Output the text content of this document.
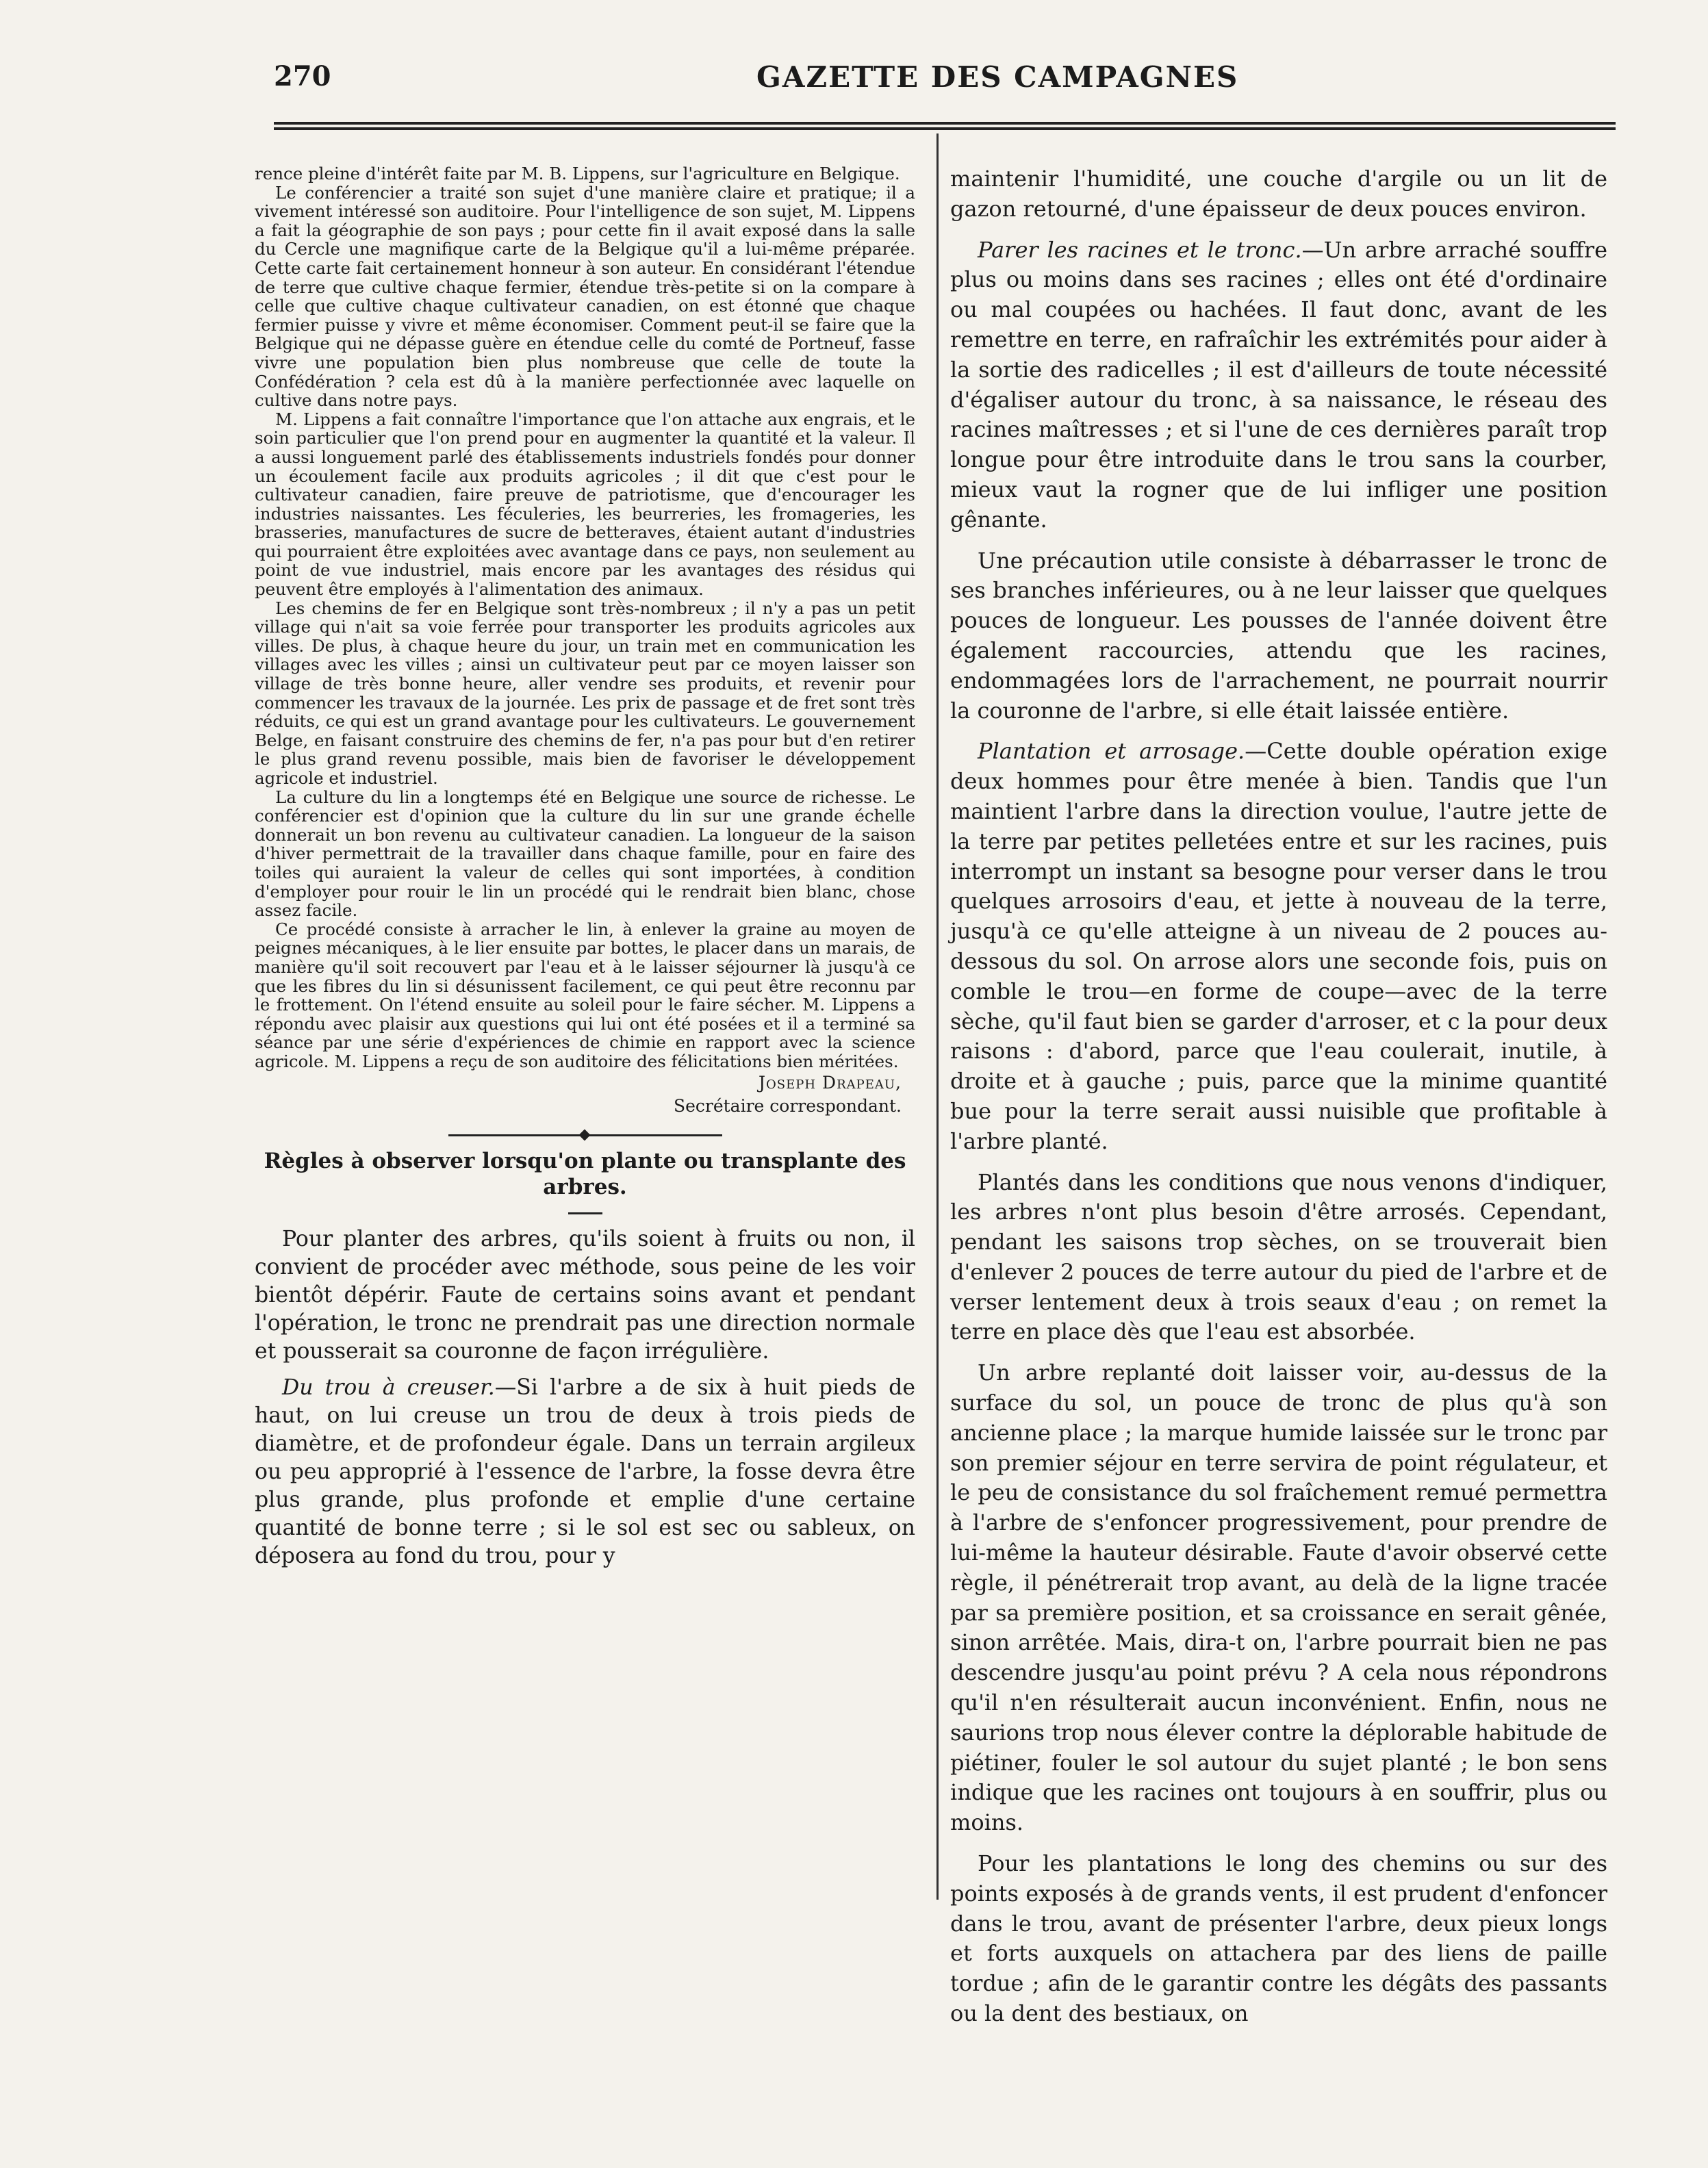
270	GAZETTE DES CAMPAGNES

rence pleine d'intérêt faite par M. B. Lippens, sur l'agriculture en Belgique.

Le conférencier a traité son sujet d'une manière claire et pratique; il a vivement intéressé son auditoire. Pour l'intelligence de son sujet, M. Lippens a fait la géographie de son pays ; pour cette fin il avait exposé dans la salle du Cercle une magnifique carte de la Belgique qu'il a lui-même préparée. Cette carte fait certainement honneur à son auteur. En considérant l'étendue de terre que cultive chaque fermier, étendue très-petite si on la compare à celle que cultive chaque cultivateur canadien, on est étonné que chaque fermier puisse y vivre et même économiser. Comment peut-il se faire que la Belgique qui ne dépasse guère en étendue celle du comté de Portneuf, fasse vivre une population bien plus nombreuse que celle de toute la Confédération ? cela est dû à la manière perfectionnée avec laquelle on cultive dans notre pays.

M. Lippens a fait connaître l'importance que l'on attache aux engrais, et le soin particulier que l'on prend pour en augmenter la quantité et la valeur. Il a aussi longuement parlé des établissements industriels fondés pour donner un écoulement facile aux produits agricoles ; il dit que c'est pour le cultivateur canadien, faire preuve de patriotisme, que d'encourager les industries naissantes. Les féculeries, les beurreries, les fromageries, les brasseries, manufactures de sucre de betteraves, étaient autant d'industries qui pourraient être exploitées avec avantage dans ce pays, non seulement au point de vue industriel, mais encore par les avantages des résidus qui peuvent être employés à l'alimentation des animaux.

Les chemins de fer en Belgique sont très-nombreux ; il n'y a pas un petit village qui n'ait sa voie ferrée pour transporter les produits agricoles aux villes. De plus, à chaque heure du jour, un train met en communication les villages avec les villes ; ainsi un cultivateur peut par ce moyen laisser son village de très bonne heure, aller vendre ses produits, et revenir pour commencer les travaux de la journée. Les prix de passage et de fret sont très réduits, ce qui est un grand avantage pour les cultivateurs. Le gouvernement Belge, en faisant construire des chemins de fer, n'a pas pour but d'en retirer le plus grand revenu possible, mais bien de favoriser le développement agricole et industriel.

La culture du lin a longtemps été en Belgique une source de richesse. Le conférencier est d'opinion que la culture du lin sur une grande échelle donnerait un bon revenu au cultivateur canadien. La longueur de la saison d'hiver permettrait de la travailler dans chaque famille, pour en faire des toiles qui auraient la valeur de celles qui sont importées, à condition d'employer pour rouir le lin un procédé qui le rendrait bien blanc, chose assez facile.

Ce procédé consiste à arracher le lin, à enlever la graine au moyen de peignes mécaniques, à le lier ensuite par bottes, le placer dans un marais, de manière qu'il soit recouvert par l'eau et à le laisser séjourner là jusqu'à ce que les fibres du lin si désunissent facilement, ce qui peut être reconnu par le frottement. On l'étend ensuite au soleil pour le faire sécher. M. Lippens a répondu avec plaisir aux questions qui lui ont été posées et il a terminé sa séance par une série d'expériences de chimie en rapport avec la science agricole. M. Lippens a reçu de son auditoire des félicitations bien méritées.

Joseph Drapeau,
Secrétaire correspondant.
Règles à observer lorsqu'on plante ou transplante des arbres.

Pour planter des arbres, qu'ils soient à fruits ou non, il convient de procéder avec méthode, sous peine de les voir bientôt dépérir. Faute de certains soins avant et pendant l'opération, le tronc ne prendrait pas une direction normale et pousserait sa couronne de façon irrégulière.

Du trou à creuser.—Si l'arbre a de six à huit pieds de haut, on lui creuse un trou de deux à trois pieds de diamètre, et de profondeur égale. Dans un terrain argileux ou peu approprié à l'essence de l'arbre, la fosse devra être plus grande, plus profonde et emplie d'une certaine quantité de bonne terre ; si le sol est sec ou sableux, on déposera au fond du trou, pour y

maintenir l'humidité, une couche d'argile ou un lit de gazon retourné, d'une épaisseur de deux pouces environ.

Parer les racines et le tronc.—Un arbre arraché souffre plus ou moins dans ses racines ; elles ont été d'ordinaire ou mal coupées ou hachées. Il faut donc, avant de les remettre en terre, en rafraîchir les extrémités pour aider à la sortie des radicelles ; il est d'ailleurs de toute nécessité d'égaliser autour du tronc, à sa naissance, le réseau des racines maîtresses ; et si l'une de ces dernières paraît trop longue pour être introduite dans le trou sans la courber, mieux vaut la rogner que de lui infliger une position gênante.

Une précaution utile consiste à débarrasser le tronc de ses branches inférieures, ou à ne leur laisser que quelques pouces de longueur. Les pousses de l'année doivent être également raccourcies, attendu que les racines, endommagées lors de l'arrachement, ne pourrait nourrir la couronne de l'arbre, si elle était laissée entière.

Plantation et arrosage.—Cette double opération exige deux hommes pour être menée à bien. Tandis que l'un maintient l'arbre dans la direction voulue, l'autre jette de la terre par petites pelletées entre et sur les racines, puis interrompt un instant sa besogne pour verser dans le trou quelques arrosoirs d'eau, et jette à nouveau de la terre, jusqu'à ce qu'elle atteigne à un niveau de 2 pouces au-dessous du sol. On arrose alors une seconde fois, puis on comble le trou—en forme de coupe—avec de la terre sèche, qu'il faut bien se garder d'arroser, et c la pour deux raisons : d'abord, parce que l'eau coulerait, inutile, à droite et à gauche ; puis, parce que la minime quantité bue pour la terre serait aussi nuisible que profitable à l'arbre planté.

Plantés dans les conditions que nous venons d'indiquer, les arbres n'ont plus besoin d'être arrosés. Cependant, pendant les saisons trop sèches, on se trouverait bien d'enlever 2 pouces de terre autour du pied de l'arbre et de verser lentement deux à trois seaux d'eau ; on remet la terre en place dès que l'eau est absorbée.

Un arbre replanté doit laisser voir, au-dessus de la surface du sol, un pouce de tronc de plus qu'à son ancienne place ; la marque humide laissée sur le tronc par son premier séjour en terre servira de point régulateur, et le peu de consistance du sol fraîchement remué permettra à l'arbre de s'enfoncer progressivement, pour prendre de lui-même la hauteur désirable. Faute d'avoir observé cette règle, il pénétrerait trop avant, au delà de la ligne tracée par sa première position, et sa croissance en serait gênée, sinon arrêtée. Mais, dira-t on, l'arbre pourrait bien ne pas descendre jusqu'au point prévu ? A cela nous répondrons qu'il n'en résulterait aucun inconvénient. Enfin, nous ne saurions trop nous élever contre la déplorable habitude de piétiner, fouler le sol autour du sujet planté ; le bon sens indique que les racines ont toujours à en souffrir, plus ou moins.

Pour les plantations le long des chemins ou sur des points exposés à de grands vents, il est prudent d'enfoncer dans le trou, avant de présenter l'arbre, deux pieux longs et forts auxquels on attachera par des liens de paille tordue ; afin de le garantir contre les dégâts des passants ou la dent des bestiaux, on
